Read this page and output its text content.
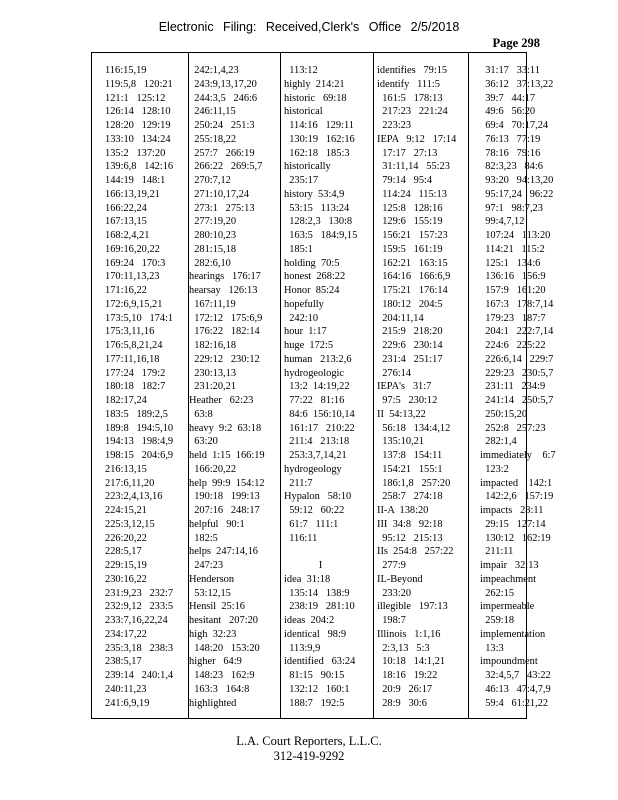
Electronic Filing: Received,Clerk's Office 2/5/2018
Page 298
116:15,19
119:5,8   120:21
121:1   125:12
126:14   128:10
128:20   129:19
133:10   134:24
135:2   137:20
139:6,8   142:16
144:19   148:1
166:13,19,21
166:22,24
167:13,15
168:2,4,21
169:16,20,22
169:24   170:3
170:11,13,23
171:16,22
172:6,9,15,21
173:5,10   174:1
175:3,11,16
176:5,8,21,24
177:11,16,18
177:24   179:2
180:18   182:7
182:17,24
183:5   189:2,5
189:8   194:5,10
194:13   198:4,9
198:15   204:6,9
216:13,15
217:6,11,20
223:2,4,13,16
224:15,21
225:3,12,15
226:20,22
228:5,17
229:15,19
230:16,22
231:9,23   232:7
232:9,12   233:5
233:7,16,22,24
234:17,22
235:3,18   238:3
238:5,17
239:14   240:1,4
240:11,23
241:6,9,19
242:1,4,23
243:9,13,17,20
244:3,5   246:6
246:11,15
250:24   251:3
255:18,22
257:7   266:19
266:22   269:5,7
270:7,12
271:10,17,24
273:1   275:13
277:19,20
280:10,23
281:15,18
282:6,10
hearings   176:17
hearsay   126:13
167:11,19
172:12   175:6,9
176:22   182:14
182:16,18
229:12   230:12
230:13,13
231:20,21
Heather   62:23
63:8
heavy  9:2  63:18
63:20
held  1:15  166:19
166:20,22
help  99:9  154:12
190:18   199:13
207:16   248:17
helpful   90:1
182:5
helps  247:14,16
247:23
Henderson
53:12,15
Hensil  25:16
hesitant   207:20
high  32:23
148:20   153:20
higher   64:9
148:23   162:9
163:3   164:8
highlighted
113:12
highly  214:21
historic   69:18
historical
114:16   129:11
130:19   162:16
162:18   185:3
historically
235:17
history  53:4,9
53:15   113:24
128:2,3   130:8
163:5   184:9,15
185:1
holding  70:5
honest  268:22
Honor  85:24
hopefully
242:10
hour  1:17
huge  172:5
human   213:2,6
hydrogeologic
13:2  14:19,22
77:22   81:16
84:6  156:10,14
161:17   210:22
211:4   213:18
253:3,7,14,21
hydrogeology
211:7
Hypalon   58:10
59:12   60:22
61:7   111:1
116:11
I
idea  31:18
135:14   138:9
238:19   281:10
ideas  204:2
identical   98:9
113:9,9
identified   63:24
81:15   90:15
132:12   160:1
188:7   192:5
identifies   79:15
identify   111:5
161:5   178:13
217:23   221:24
223:23
IEPA   9:12   17:14
17:17   27:13
31:11,14   55:23
79:14   95:4
114:24   115:13
125:8   128:16
129:6   155:19
156:21   157:23
159:5   161:19
162:21   163:15
164:16   166:6,9
175:21   176:14
180:12   204:5
204:11,14
215:9   218:20
229:6   230:14
231:4   251:17
276:14
IEPA's   31:7
97:5   230:12
II  54:13,22
56:18   134:4,12
135:10,21
137:8   154:11
154:21   155:1
186:1,8   257:20
258:7   274:18
II-A  138:20
III  34:8   92:18
95:12   215:13
IIs  254:8   257:22
277:9
IL-Beyond
233:20
illegible   197:13
198:7
Illinois   1:1,16
2:3,13   5:3
10:18   14:1,21
18:16   19:22
20:9   26:17
28:9   30:6
31:17   33:11
36:12   37:13,22
39:7   44:17
49:6   56:20
69:4   70:17,24
76:13   77:19
78:16   79:16
82:3,23   84:6
93:20   94:13,20
95:17,24   96:22
97:1   98:7,23
99:4,7,12
107:24   113:20
114:21   115:2
125:1   134:6
136:16   156:9
157:9   161:20
167:3   178:7,14
179:23   187:7
204:1   222:7,14
224:6   225:22
226:6,14   229:7
229:23   230:5,7
231:11   234:9
241:14   250:5,7
250:15,20
252:8   257:23
282:1,4
immediately    6:7
123:2
impacted    142:1
142:2,6   157:19
impacts   28:11
29:15   127:14
130:12   162:19
211:11
impair   32:13
impeachment
262:15
impermeable
259:18
implementation
13:3
impoundment
32:4,5,7   43:22
46:13   47:4,7,9
59:4   61:21,22
L.A. Court Reporters, L.L.C.
312-419-9292
